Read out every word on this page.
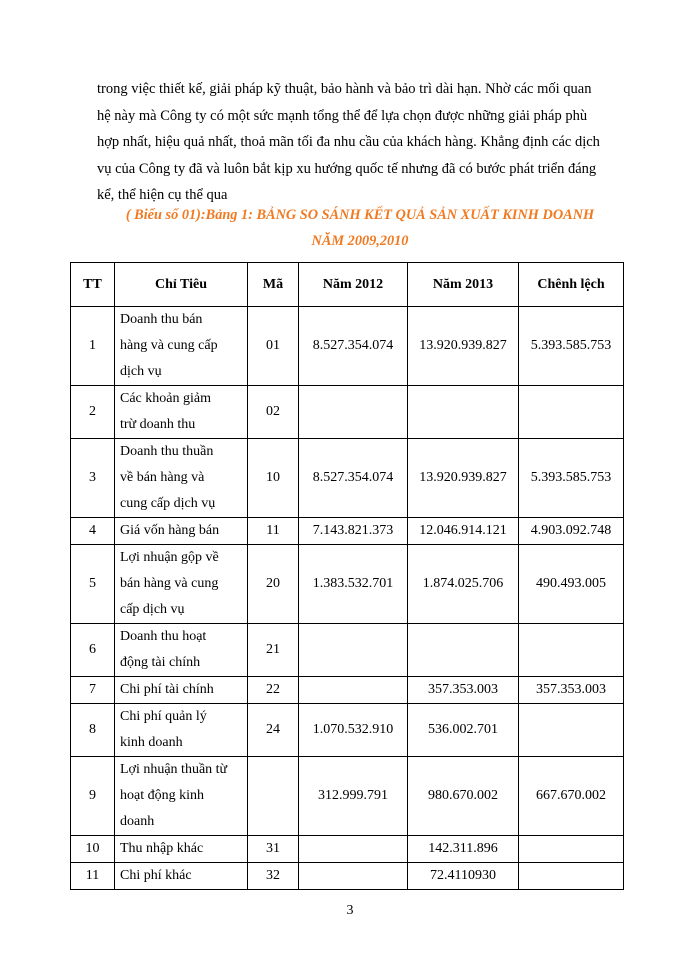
trong việc thiết kế, giải pháp kỹ thuật, bảo hành và bảo trì dài hạn. Nhờ các mối quan
hệ này mà Công ty có một sức mạnh tổng thể để lựa chọn được những giải pháp phù
hợp nhất, hiệu quả nhất, thoả mãn tối đa nhu cầu của khách hàng. Khẳng định các dịch
vụ của Công ty đã và luôn bắt kịp xu hướng quốc tế nhưng đã có bước phát triển đáng
kể, thể hiện cụ thể qua

( Biểu số 01):Bảng 1: BẢNG SO SÁNH KẾT QUẢ SẢN XUẤT KINH DOANH

NĂM 2009,2010

TT	Chỉ Tiêu	Mã	Năm 2012	Năm 2013	Chênh lệch
1	Doanh thu bán
hàng và cung cấp
dịch vụ	01	8.527.354.074	13.920.939.827	5.393.585.753
2	Các khoản giảm
trừ doanh thu	02			
3	Doanh thu thuần
về bán hàng và
cung cấp dịch vụ	10	8.527.354.074	13.920.939.827	5.393.585.753
4	Giá vốn hàng bán	11	7.143.821.373	12.046.914.121	4.903.092.748
5	Lợi nhuận gộp về
bán hàng và cung
cấp dịch vụ	20	1.383.532.701	1.874.025.706	490.493.005
6	Doanh thu hoạt
động tài chính	21			
7	Chi phí tài chính	22		357.353.003	357.353.003
8	Chi phí quản lý
kinh doanh	24	1.070.532.910	536.002.701	
9	Lợi nhuận thuần từ
hoạt động kinh
doanh		312.999.791	980.670.002	667.670.002
10	Thu nhập khác	31		142.311.896	
11	Chi phí khác	32		72.4110930	
3
